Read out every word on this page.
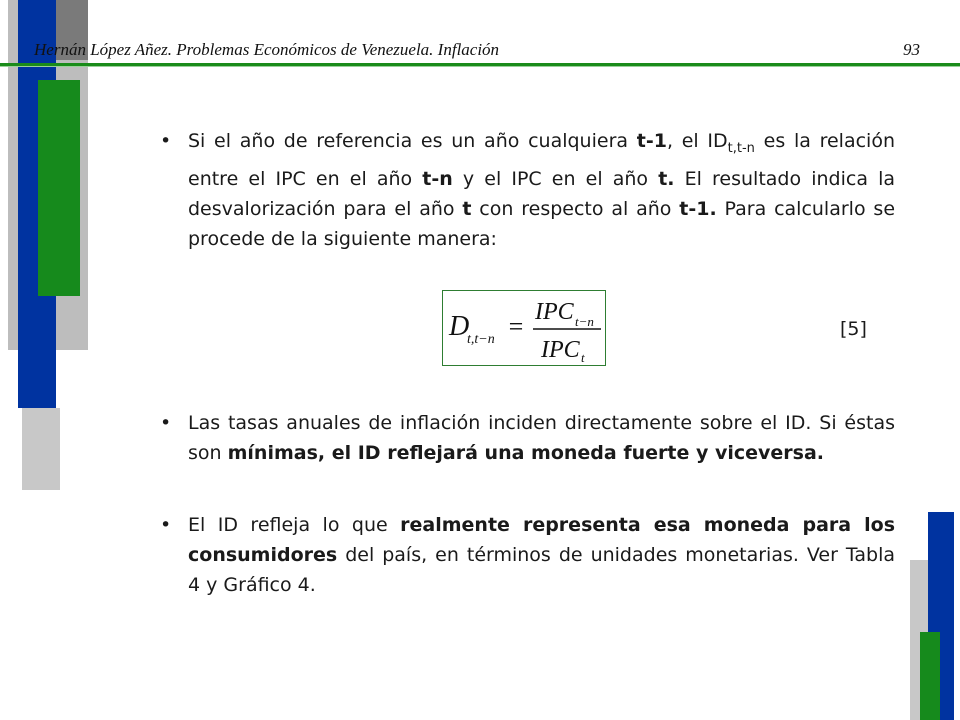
Hernán López Añez. Problemas Económicos de Venezuela. Inflación	93
• Si el año de referencia es un año cualquiera t-1, el $ID_{t,t-n}$ es la relación entre el IPC en el año t-n y el IPC en el año t. El resultado indica la desvalorización para el año t con respecto al año t-1. Para calcularlo se procede de la siguiente manera:
• Las tasas anuales de inflación inciden directamente sobre el ID. Si éstas son mínimas, el ID reflejará una moneda fuerte y viceversa.
• El ID refleja lo que realmente representa esa moneda para los consumidores del país, en términos de unidades monetarias. Ver Tabla 4 y Gráfico 4.
D
t,t−n = IPC t−n
IPC t
[5]
